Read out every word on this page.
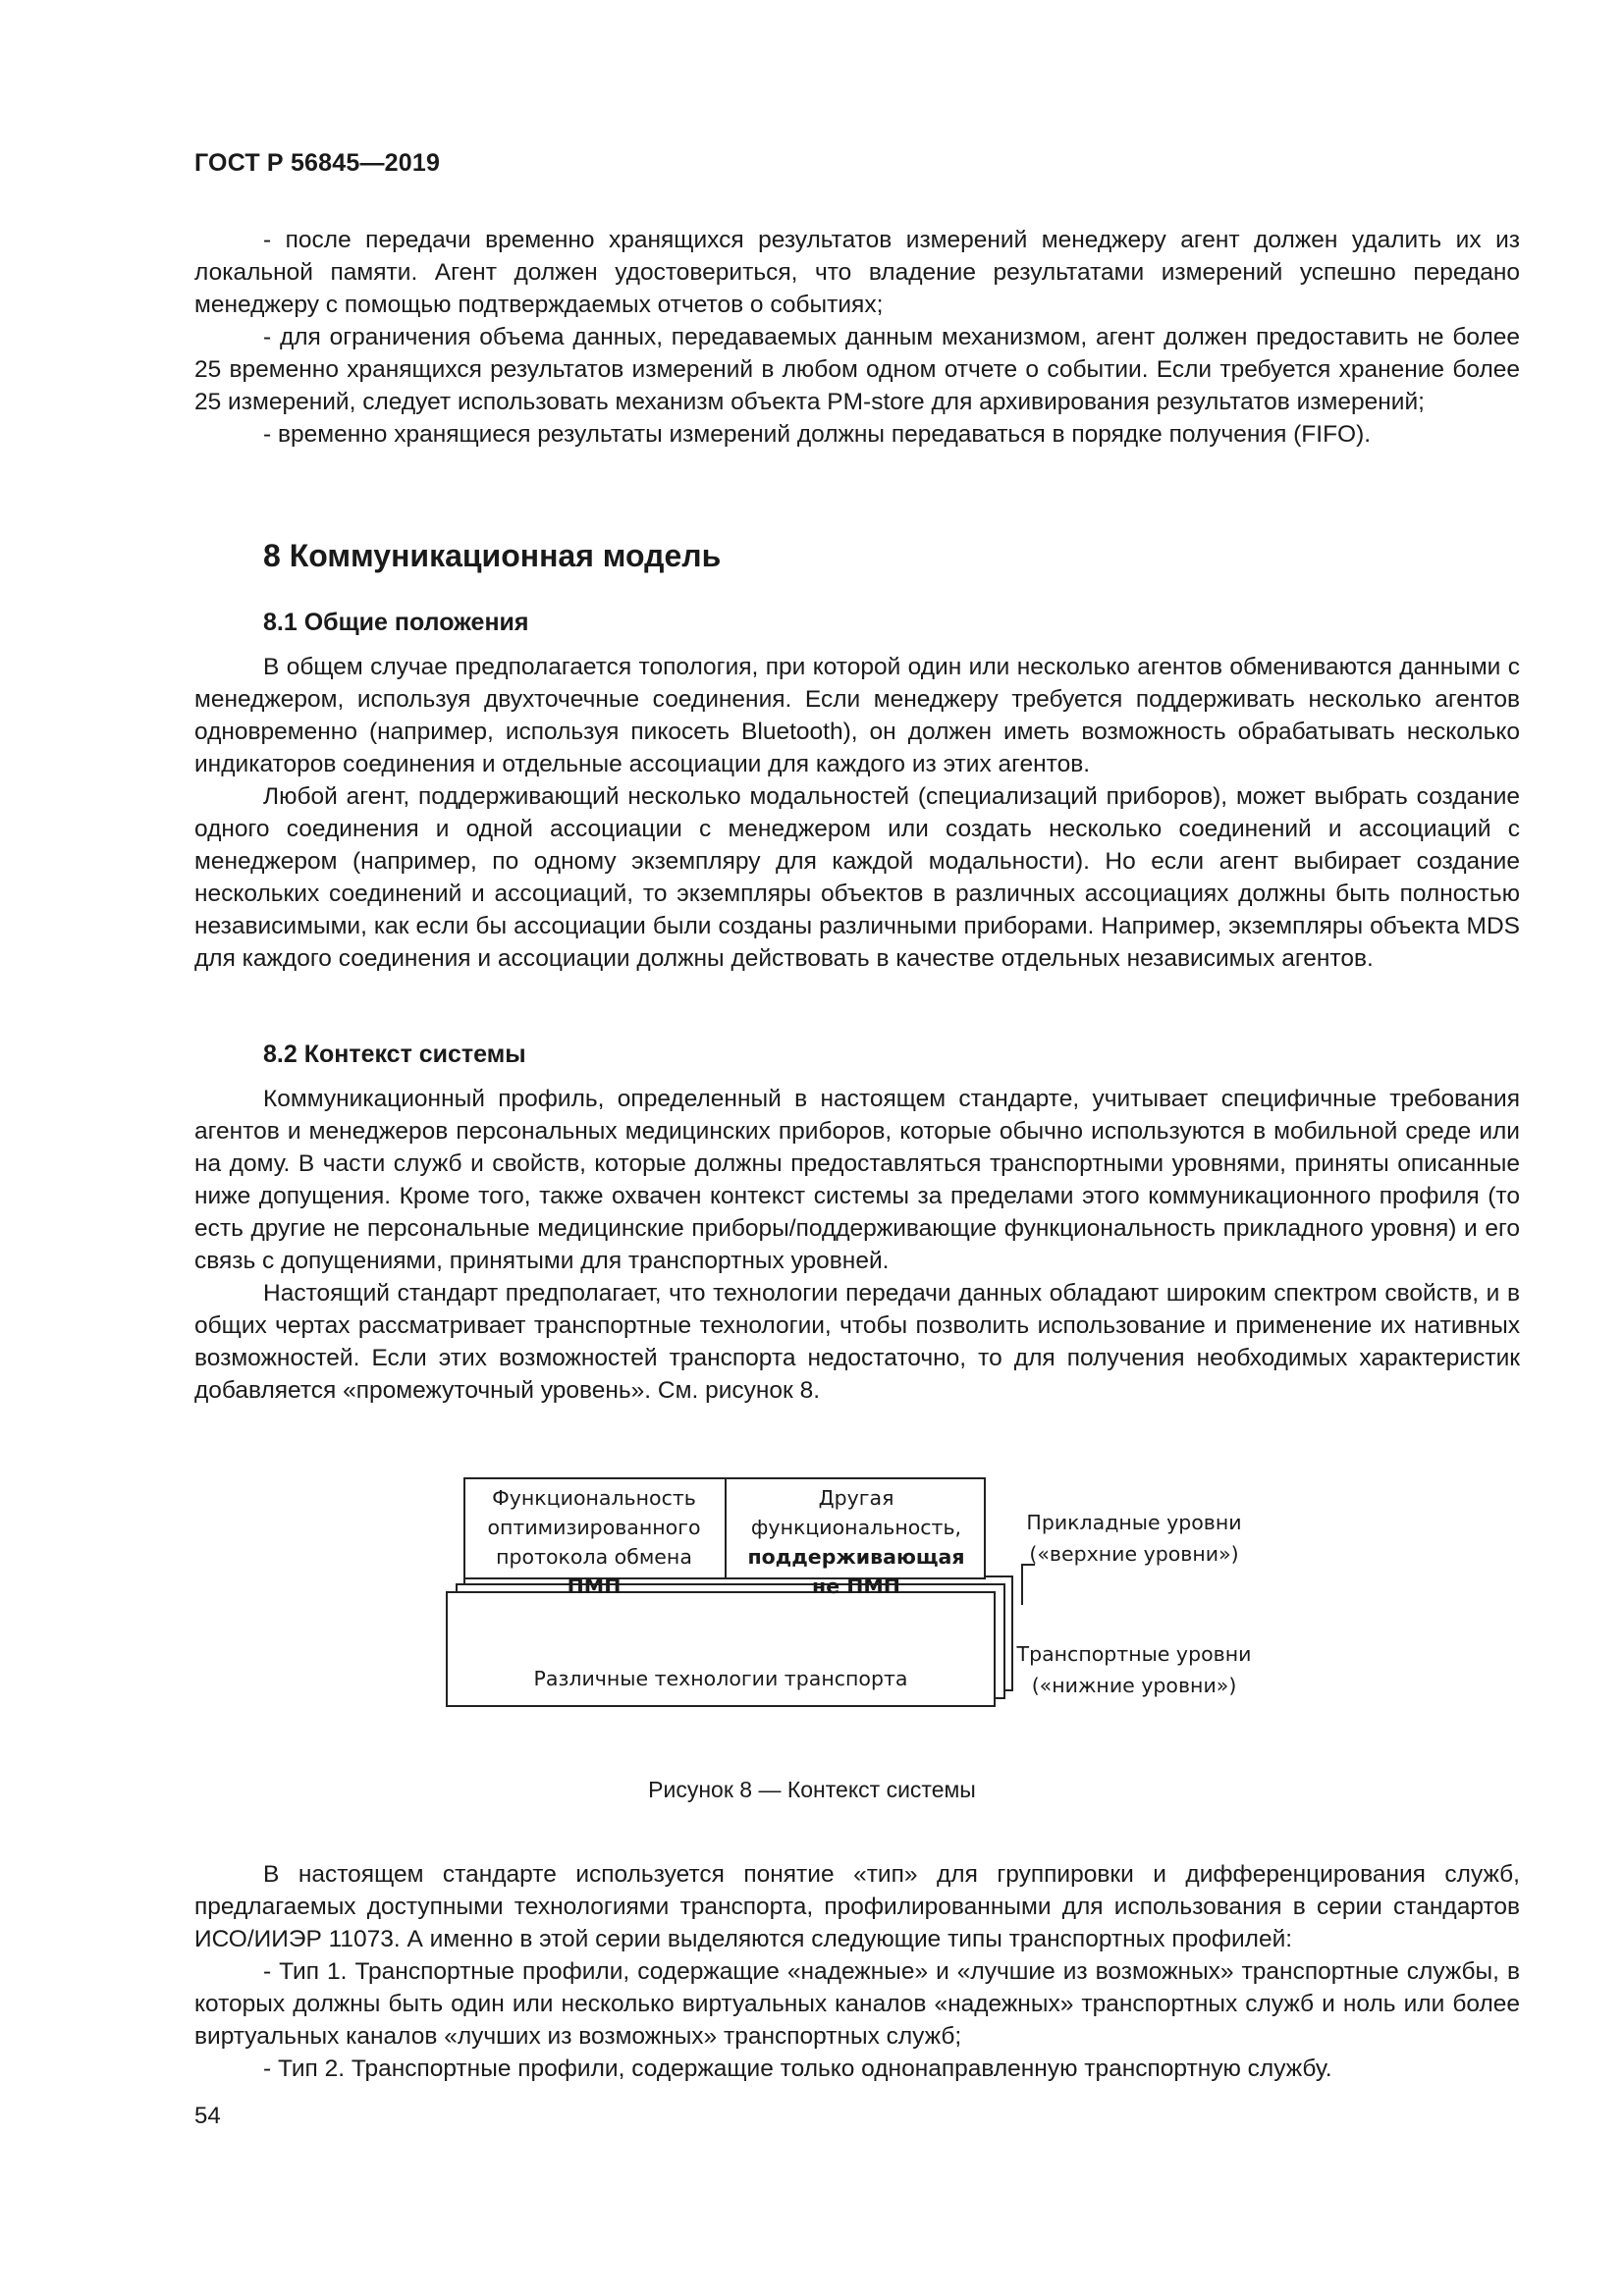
ГОСТ Р 56845—2019

- после передачи временно хранящихся результатов измерений менеджеру агент должен удалить их из локальной памяти. Агент должен удостовериться, что владение результатами измерений успешно передано менеджеру с помощью подтверждаемых отчетов о событиях;

- для ограничения объема данных, передаваемых данным механизмом, агент должен предоставить не более 25 временно хранящихся результатов измерений в любом одном отчете о событии. Если требуется хранение более 25 измерений, следует использовать механизм объекта PM-store для архивирования результатов измерений;

- временно хранящиеся результаты измерений должны передаваться в порядке получения (FIFO).

8 Коммуникационная модель
8.1 Общие положения

В общем случае предполагается топология, при которой один или несколько агентов обмениваются данными с менеджером, используя двухточечные соединения. Если менеджеру требуется поддерживать несколько агентов одновременно (например, используя пикосеть Bluetooth), он должен иметь возможность обрабатывать несколько индикаторов соединения и отдельные ассоциации для каждого из этих агентов.

Любой агент, поддерживающий несколько модальностей (специализаций приборов), может выбрать создание одного соединения и одной ассоциации с менеджером или создать несколько соединений и ассоциаций с менеджером (например, по одному экземпляру для каждой модальности). Но если агент выбирает создание нескольких соединений и ассоциаций, то экземпляры объектов в различных ассоциациях должны быть полностью независимыми, как если бы ассоциации были созданы различными приборами. Например, экземпляры объекта MDS для каждого соединения и ассоциации должны действовать в качестве отдельных независимых агентов.

8.2 Контекст системы

Коммуникационный профиль, определенный в настоящем стандарте, учитывает специфичные требования агентов и менеджеров персональных медицинских приборов, которые обычно используются в мобильной среде или на дому. В части служб и свойств, которые должны предоставляться транспортными уровнями, приняты описанные ниже допущения. Кроме того, также охвачен контекст системы за пределами этого коммуникационного профиля (то есть другие не персональные медицинские приборы/поддерживающие функциональность прикладного уровня) и его связь с допущениями, принятыми для транспортных уровней.

Настоящий стандарт предполагает, что технологии передачи данных обладают широким спектром свойств, и в общих чертах рассматривает транспортные технологии, чтобы позволить использование и применение их нативных возможностей. Если этих возможностей транспорта недостаточно, то для получения необходимых характеристик добавляется «промежуточный уровень». См. рисунок 8.

Различные технологии транспорта
Функциональность
оптимизированного
протокола обмена
ПМП
Другая
функциональность,
поддерживающая
не ПМП
Прикладные уровни
(«верхние уровни»)
Транспортные уровни
(«нижние уровни»)
Рисунок 8 — Контекст системы

В настоящем стандарте используется понятие «тип» для группировки и дифференцирования служб, предлагаемых доступными технологиями транспорта, профилированными для использования в серии стандартов ИСО/ИИЭР 11073. А именно в этой серии выделяются следующие типы транспортных профилей:

- Тип 1. Транспортные профили, содержащие «надежные» и «лучшие из возможных» транспортные службы, в которых должны быть один или несколько виртуальных каналов «надежных» транспортных служб и ноль или более виртуальных каналов «лучших из возможных» транспортных служб;

- Тип 2. Транспортные профили, содержащие только однонаправленную транспортную службу.

54
